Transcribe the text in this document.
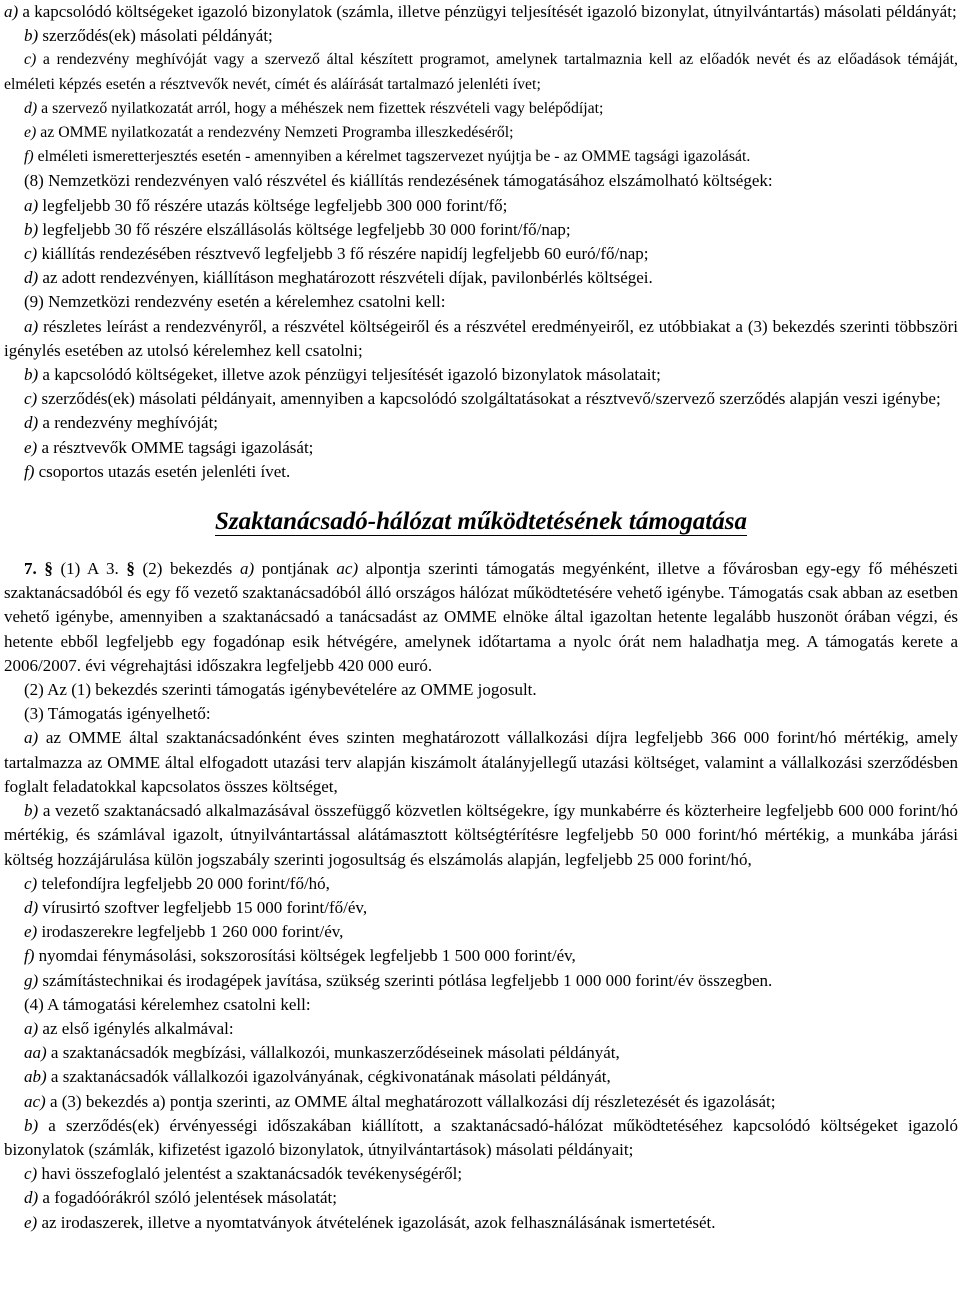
a) a kapcsolódó költségeket igazoló bizonylatok (számla, illetve pénzügyi teljesítését igazoló bizonylat, útnyilvántartás) másolati példányát;

b) szerződés(ek) másolati példányát;

c) a rendezvény meghívóját vagy a szervező által készített programot, amelynek tartalmaznia kell az előadók nevét és az előadások témáját, elméleti képzés esetén a résztvevők nevét, címét és aláírását tartalmazó jelenléti ívet;

d) a szervező nyilatkozatát arról, hogy a méhészek nem fizettek részvételi vagy belépődíjat;

e) az OMME nyilatkozatát a rendezvény Nemzeti Programba illeszkedéséről;

f) elméleti ismeretterjesztés esetén - amennyiben a kérelmet tagszervezet nyújtja be - az OMME tagsági igazolását.

(8) Nemzetközi rendezvényen való részvétel és kiállítás rendezésének támogatásához elszámolható költségek:

a) legfeljebb 30 fő részére utazás költsége legfeljebb 300 000 forint/fő;

b) legfeljebb 30 fő részére elszállásolás költsége legfeljebb 30 000 forint/fő/nap;

c) kiállítás rendezésében résztvevő legfeljebb 3 fő részére napidíj legfeljebb 60 euró/fő/nap;

d) az adott rendezvényen, kiállításon meghatározott részvételi díjak, pavilonbérlés költségei.

(9) Nemzetközi rendezvény esetén a kérelemhez csatolni kell:

a) részletes leírást a rendezvényről, a részvétel költségeiről és a részvétel eredményeiről, ez utóbbiakat a (3) bekezdés szerinti többszöri igénylés esetében az utolsó kérelemhez kell csatolni;

b) a kapcsolódó költségeket, illetve azok pénzügyi teljesítését igazoló bizonylatok másolatait;

c) szerződés(ek) másolati példányait, amennyiben a kapcsolódó szolgáltatásokat a résztvevő/szervező szerződés alapján veszi igénybe;

d) a rendezvény meghívóját;

e) a résztvevők OMME tagsági igazolását;

f) csoportos utazás esetén jelenléti ívet.

Szaktanácsadó-hálózat működtetésének támogatása

7. § (1) A 3. § (2) bekezdés a) pontjának ac) alpontja szerinti támogatás megyénként, illetve a fővárosban egy-egy fő méhészeti szaktanácsadóból és egy fő vezető szaktanácsadóból álló országos hálózat működtetésére vehető igénybe. Támogatás csak abban az esetben vehető igénybe, amennyiben a szaktanácsadó a tanácsadást az OMME elnöke által igazoltan hetente legalább huszonöt órában végzi, és hetente ebből legfeljebb egy fogadónap esik hétvégére, amelynek időtartama a nyolc órát nem haladhatja meg. A támogatás kerete a 2006/2007. évi végrehajtási időszakra legfeljebb 420 000 euró.

(2) Az (1) bekezdés szerinti támogatás igénybevételére az OMME jogosult.

(3) Támogatás igényelhető:

a) az OMME által szaktanácsadónként éves szinten meghatározott vállalkozási díjra legfeljebb 366 000 forint/hó mértékig, amely tartalmazza az OMME által elfogadott utazási terv alapján kiszámolt átalányjellegű utazási költséget, valamint a vállalkozási szerződésben foglalt feladatokkal kapcsolatos összes költséget,

b) a vezető szaktanácsadó alkalmazásával összefüggő közvetlen költségekre, így munkabérre és közterheire legfeljebb 600 000 forint/hó mértékig, és számlával igazolt, útnyilvántartással alátámasztott költségtérítésre legfeljebb 50 000 forint/hó mértékig, a munkába járási költség hozzájárulása külön jogszabály szerinti jogosultság és elszámolás alapján, legfeljebb 25 000 forint/hó,

c) telefondíjra legfeljebb 20 000 forint/fő/hó,

d) vírusirtó szoftver legfeljebb 15 000 forint/fő/év,

e) irodaszerekre legfeljebb 1 260 000 forint/év,

f) nyomdai fénymásolási, sokszorosítási költségek legfeljebb 1 500 000 forint/év,

g) számítástechnikai és irodagépek javítása, szükség szerinti pótlása legfeljebb 1 000 000 forint/év összegben.

(4) A támogatási kérelemhez csatolni kell:

a) az első igénylés alkalmával:

aa) a szaktanácsadók megbízási, vállalkozói, munkaszerződéseinek másolati példányát,

ab) a szaktanácsadók vállalkozói igazolványának, cégkivonatának másolati példányát,

ac) a (3) bekezdés a) pontja szerinti, az OMME által meghatározott vállalkozási díj részletezését és igazolását;

b) a szerződés(ek) érvényességi időszakában kiállított, a szaktanácsadó-hálózat működtetéséhez kapcsolódó költségeket igazoló bizonylatok (számlák, kifizetést igazoló bizonylatok, útnyilvántartások) másolati példányait;

c) havi összefoglaló jelentést a szaktanácsadók tevékenységéről;

d) a fogadóórákról szóló jelentések másolatát;

e) az irodaszerek, illetve a nyomtatványok átvételének igazolását, azok felhasználásának ismertetését.
